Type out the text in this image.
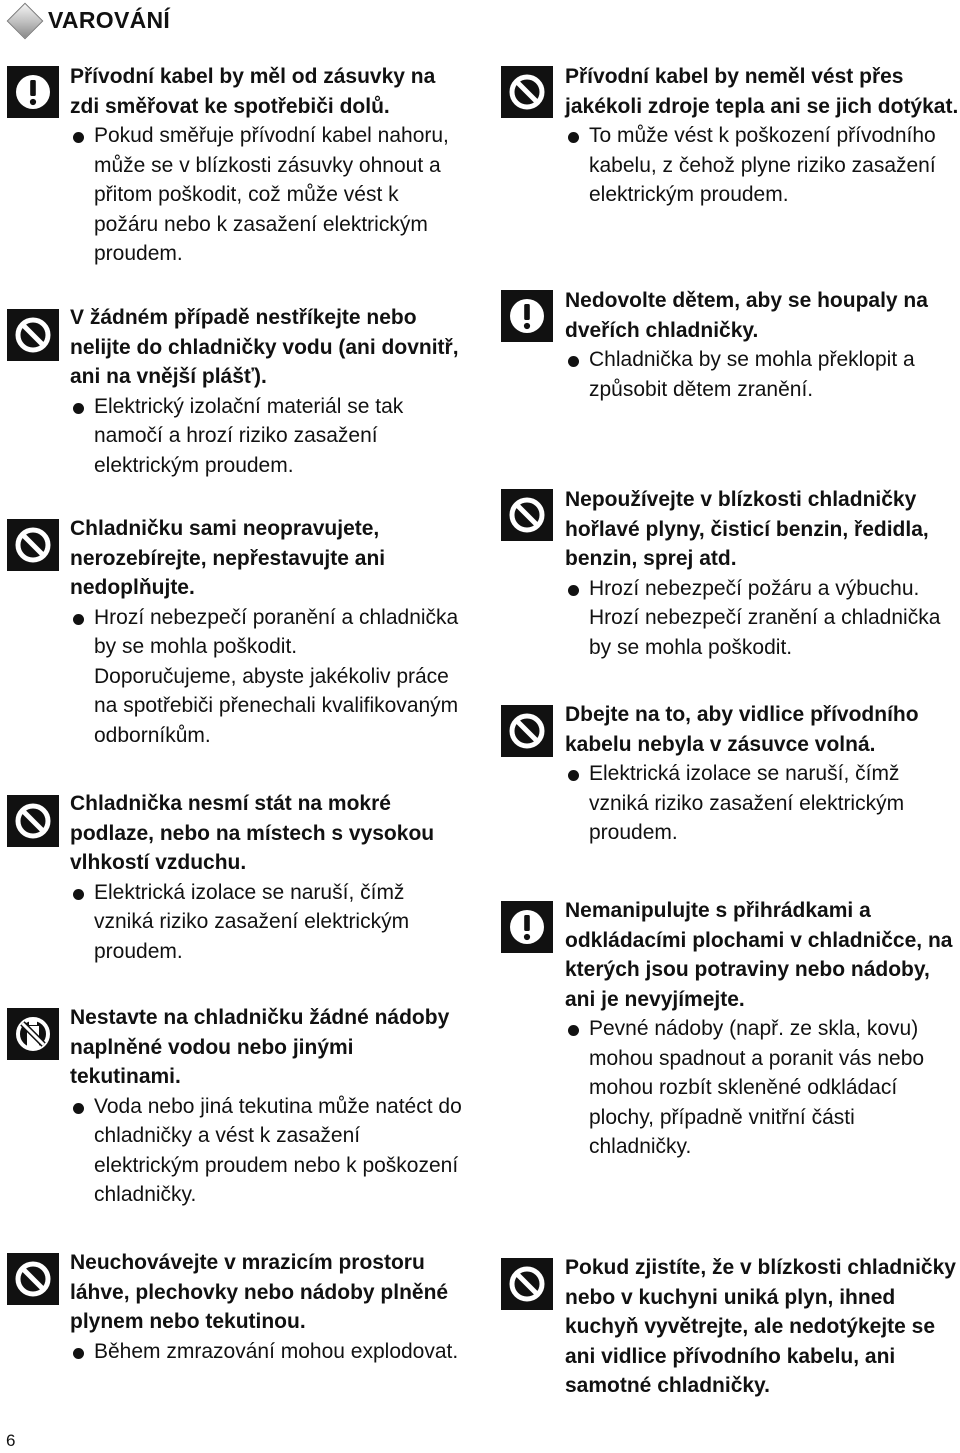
VAROVÁNÍ

Přívodní kabel by měl od zásuvky na zdi směřovat ke spotřebiči dolů.

Pokud směřuje přívodní kabel nahoru, může se v blízkosti zásuvky ohnout a přitom poškodit, což může vést k požáru nebo k zasažení elektrickým proudem.

V žádném případě nestříkejte nebo nelijte do chladničky vodu (ani dovnitř, ani na vnější plášť).

Elektrický izolační materiál se tak namočí a hrozí riziko zasažení elektrickým proudem.

Chladničku sami neopravujete, nerozebírejte, nepřestavujte ani nedoplňujte.

Hrozí nebezpečí poranění a chladnička by se mohla poškodit.

Doporučujeme, abyste jakékoliv práce na spotřebiči přenechali kvalifikovaným odborníkům.

Chladnička nesmí stát na mokré podlaze, nebo na místech s vysokou vlhkostí vzduchu.

Elektrická izolace se naruší, čímž vzniká riziko zasažení elektrickým proudem.

Nestavte na chladničku žádné nádoby naplněné vodou nebo jinými tekutinami.

Voda nebo jiná tekutina může natéct do chladničky a vést k zasažení elektrickým proudem nebo k poškození chladničky.

Neuchovávejte v mrazicím prostoru láhve, plechovky nebo nádoby plněné plynem nebo tekutinou.

Během zmrazování mohou explodovat.

Přívodní kabel by neměl vést přes jakékoli zdroje tepla ani se jich dotýkat.

To může vést k poškození přívodního kabelu, z čehož plyne riziko zasažení elektrickým proudem.

Nedovolte dětem, aby se houpaly na dveřích chladničky.

Chladnička by se mohla překlopit a způsobit dětem zranění.

Nepoužívejte v blízkosti chladničky hořlavé plyny, čisticí benzin, ředidla, benzin, sprej atd.

Hrozí nebezpečí požáru a výbuchu.

Hrozí nebezpečí zranění a chladnička by se mohla poškodit.

Dbejte na to, aby vidlice přívodního kabelu nebyla v zásuvce volná.

Elektrická izolace se naruší, čímž vzniká riziko zasažení elektrickým proudem.

Nemanipulujte s přihrádkami a odkládacími plochami v chladničce, na kterých jsou potraviny nebo nádoby, ani je nevyjímejte.

Pevné nádoby (např. ze skla, kovu) mohou spadnout a poranit vás nebo mohou rozbít skleněné odkládací plochy, případně vnitřní části chladničky.

Pokud zjistíte, že v blízkosti chladničky nebo v kuchyni uniká plyn, ihned kuchyň vyvětrejte, ale nedotýkejte se ani vidlice přívodního kabelu, ani samotné chladničky.

6
